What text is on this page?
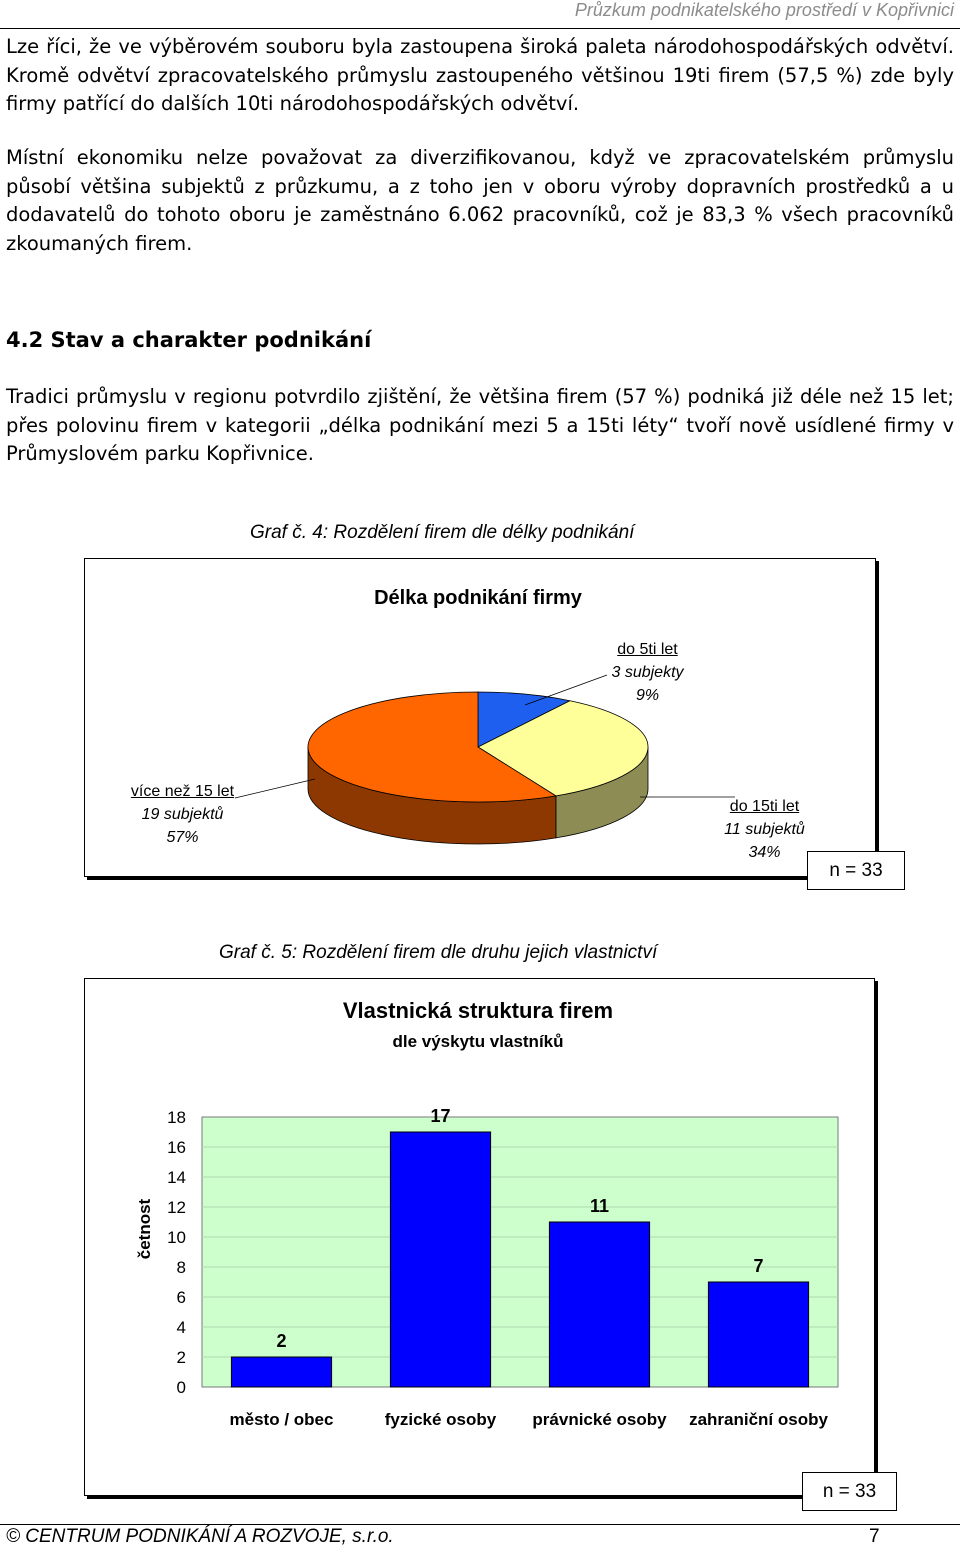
Průzkum podnikatelského prostředí v Kopřivnici
Lze říci, že ve výběrovém souboru byla zastoupena široká paleta národohospodářských odvětví. Kromě odvětví zpracovatelského průmyslu zastoupeného většinou 19ti firem (57,5 %) zde byly firmy patřící do dalších 10ti národohospodářských odvětví.
Místní ekonomiku nelze považovat za diverzifikovanou, když ve zpracovatelském průmyslu působí většina subjektů z průzkumu, a z toho jen v oboru výroby dopravních prostředků a u dodavatelů do tohoto oboru je zaměstnáno 6.062 pracovníků, což je 83,3 % všech pracovníků zkoumaných firem.
4.2 Stav a charakter podnikání
Tradici průmyslu v regionu potvrdilo zjištění, že většina firem (57 %) podniká již déle než 15 let; přes polovinu firem v kategorii „délka podnikání mezi 5 a 15ti léty“ tvoří nově usídlené firmy v Průmyslovém parku Kopřivnice.
Graf č. 4: Rozdělení firem dle délky podnikání
Délka podnikání firmy
do 5ti let
3 subjekty
9%
více než 15 let
19 subjektů
57%
do 15ti let
11 subjektů
34%
n = 33
Graf č. 5: Rozdělení firem dle druhu jejich vlastnictví
Vlastnická struktura firem
dle výskytu vlastníků
četnost
0
2
4
6
8
10
12
14
16
18
2
město / obec
17
fyzické osoby
11
právnické osoby
7
zahraniční osoby
n = 33
© CENTRUM PODNIKÁNÍ A ROZVOJE, s.r.o.	7
